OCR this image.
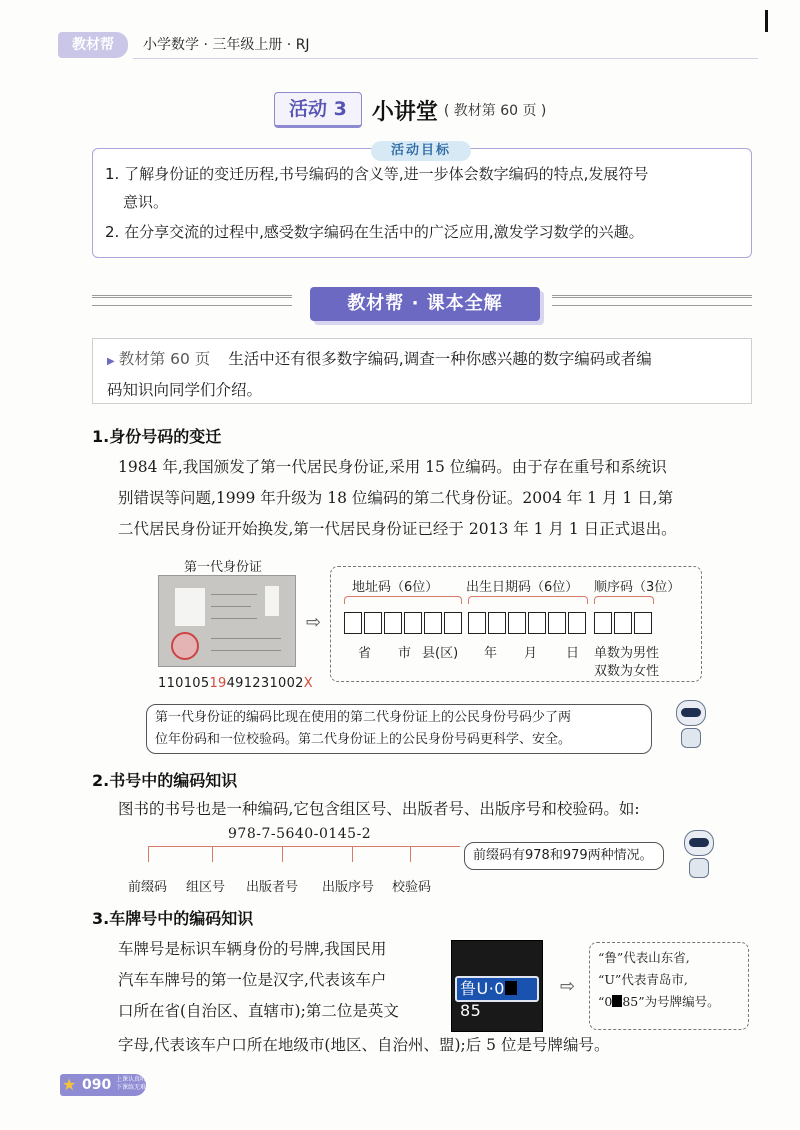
教材帮	小学数学 · 三年级上册 · RJ
活动 3	小讲堂 ( 教材第 60 页 )
活动目标
1. 了解身份证的变迁历程,书号编码的含义等,进一步体会数字编码的特点,发展符号
意识。
2. 在分享交流的过程中,感受数字编码在生活中的广泛应用,激发学习数学的兴趣。
教材帮 · 课本全解
▶ 教材第 60 页 生活中还有很多数字编码,调查一种你感兴趣的数字编码或者编
码知识向同学们介绍。
1.身份号码的变迁
1984 年,我国颁发了第一代居民身份证,采用 15 位编码。由于存在重号和系统识
别错误等问题,1999 年升级为 18 位编码的第二代身份证。2004 年 1 月 1 日,第
二代居民身份证开始换发,第一代居民身份证已经于 2013 年 1 月 1 日正式退出。
第一代身份证
11010519491231002X
⇨
地址码（6位） 出生日期码（6位） 顺序码（3位）
省 市 县(区) 年 月 日 单数为男性
双数为女性
第一代身份证的编码比现在使用的第二代身份证上的公民身份号码少了两
位年份码和一位校验码。第二代身份证上的公民身份号码更科学、安全。
2.书号中的编码知识
图书的书号也是一种编码,它包含组区号、出版者号、出版序号和校验码。如:
978-7-5640-0145-2
前缀码 组区号 出版者号 出版序号 校验码
前缀码有978和979两种情况。
3.车牌号中的编码知识
车牌号是标识车辆身份的号牌,我国民用
汽车车牌号的第一位是汉字,代表该车户
口所在省(自治区、直辖市);第二位是英文
字母,代表该车户口所在地级市(地区、自治州、盟);后 5 位是号牌编号。
鲁U·085
⇨
“鲁”代表山东省,
“U”代表青岛市,
“0 85”为号牌编号。
★ 090 上课认真听 下课练无难
